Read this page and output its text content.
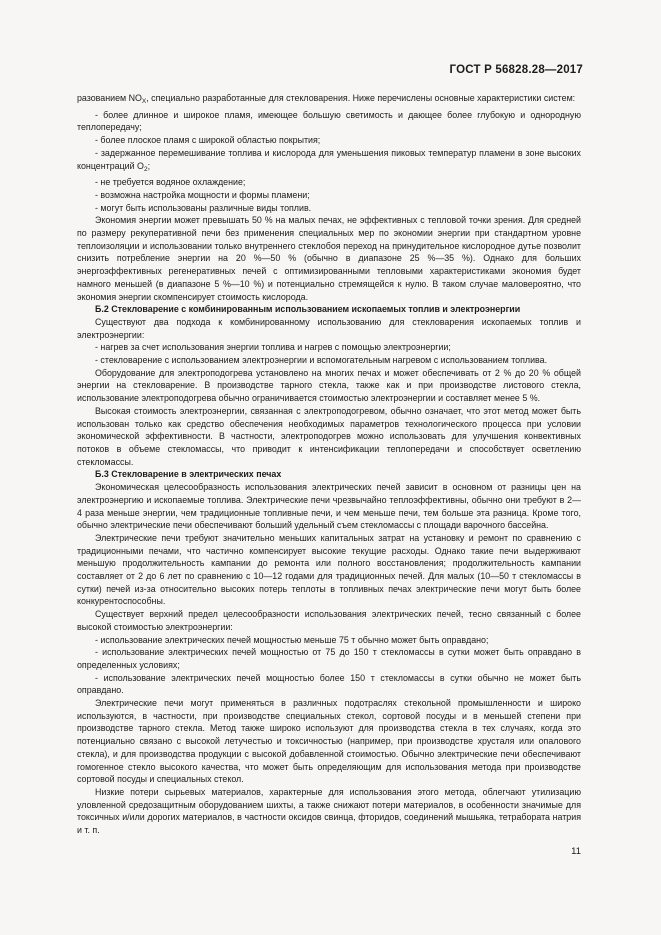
ГОСТ Р 56828.28—2017

разованием $NO_X$, специально разработанные для стекловарения. Ниже перечислены основные характеристики систем:

- более длинное и широкое пламя, имеющее большую светимость и дающее более глубокую и однородную теплопередачу;

- более плоское пламя с широкой областью покрытия;

- задержанное перемешивание топлива и кислорода для уменьшения пиковых температур пламени в зоне высоких концентраций $O_2$;

- не требуется водяное охлаждение;

- возможна настройка мощности и формы пламени;

- могут быть использованы различные виды топлив.

Экономия энергии может превышать 50 % на малых печах, не эффективных с тепловой точки зрения. Для средней по размеру рекуперативной печи без применения специальных мер по экономии энергии при стандартном уровне теплоизоляции и использовании только внутреннего стеклобоя переход на принудительное кислородное дутье позволит снизить потребление энергии на 20 %—50 % (обычно в диапазоне 25 %—35 %). Однако для больших энергоэффективных регенеративных печей с оптимизированными тепловыми характеристиками экономия будет намного меньшей (в диапазоне 5 %—10 %) и потенциально стремящейся к нулю. В таком случае маловероятно, что экономия энергии скомпенсирует стоимость кислорода.

Б.2 Стекловарение с комбинированным использованием ископаемых топлив и электроэнергии

Существуют два подхода к комбинированному использованию для стекловарения ископаемых топлив и электроэнергии:

- нагрев за счет использования энергии топлива и нагрев с помощью электроэнергии;

- стекловарение с использованием электроэнергии и вспомогательным нагревом с использованием топлива.

Оборудование для электроподогрева установлено на многих печах и может обеспечивать от 2 % до 20 % общей энергии на стекловарение. В производстве тарного стекла, также как и при производстве листового стекла, использование электроподогрева обычно ограничивается стоимостью электроэнергии и составляет менее 5 %.

Высокая стоимость электроэнергии, связанная с электроподогревом, обычно означает, что этот метод может быть использован только как средство обеспечения необходимых параметров технологического процесса при условии экономической эффективности. В частности, электроподогрев можно использовать для улучшения конвективных потоков в объеме стекломассы, что приводит к интенсификации теплопередачи и способствует осветлению стекломассы.

Б.3 Стекловарение в электрических печах

Экономическая целесообразность использования электрических печей зависит в основном от разницы цен на электроэнергию и ископаемые топлива. Электрические печи чрезвычайно теплоэффективны, обычно они требуют в 2—4 раза меньше энергии, чем традиционные топливные печи, и чем меньше печи, тем больше эта разница. Кроме того, обычно электрические печи обеспечивают больший удельный съем стекломассы с площади варочного бассейна.

Электрические печи требуют значительно меньших капитальных затрат на установку и ремонт по сравнению с традиционными печами, что частично компенсирует высокие текущие расходы. Однако такие печи выдерживают меньшую продолжительность кампании до ремонта или полного восстановления; продолжительность кампании составляет от 2 до 6 лет по сравнению с 10—12 годами для традиционных печей. Для малых (10—50 т стекломассы в сутки) печей из-за относительно высоких потерь теплоты в топливных печах электрические печи могут быть более конкурентоспособны.

Существует верхний предел целесообразности использования электрических печей, тесно связанный с более высокой стоимостью электроэнергии:

- использование электрических печей мощностью меньше 75 т обычно может быть оправдано;

- использование электрических печей мощностью от 75 до 150 т стекломассы в сутки может быть оправдано в определенных условиях;

- использование электрических печей мощностью более 150 т стекломассы в сутки обычно не может быть оправдано.

Электрические печи могут применяться в различных подотраслях стекольной промышленности и широко используются, в частности, при производстве специальных стекол, сортовой посуды и в меньшей степени при производстве тарного стекла. Метод также широко используют для производства стекла в тех случаях, когда это потенциально связано с высокой летучестью и токсичностью (например, при производстве хрусталя или опалового стекла), и для производства продукции с высокой добавленной стоимостью. Обычно электрические печи обеспечивают гомогенное стекло высокого качества, что может быть определяющим для использования метода при производстве сортовой посуды и специальных стекол.

Низкие потери сырьевых материалов, характерные для использования этого метода, облегчают утилизацию уловленной средозащитным оборудованием шихты, а также снижают потери материалов, в особенности значимые для токсичных и/или дорогих материалов, в частности оксидов свинца, фторидов, соединений мышьяка, тетрабората натрия и т. п.

11
